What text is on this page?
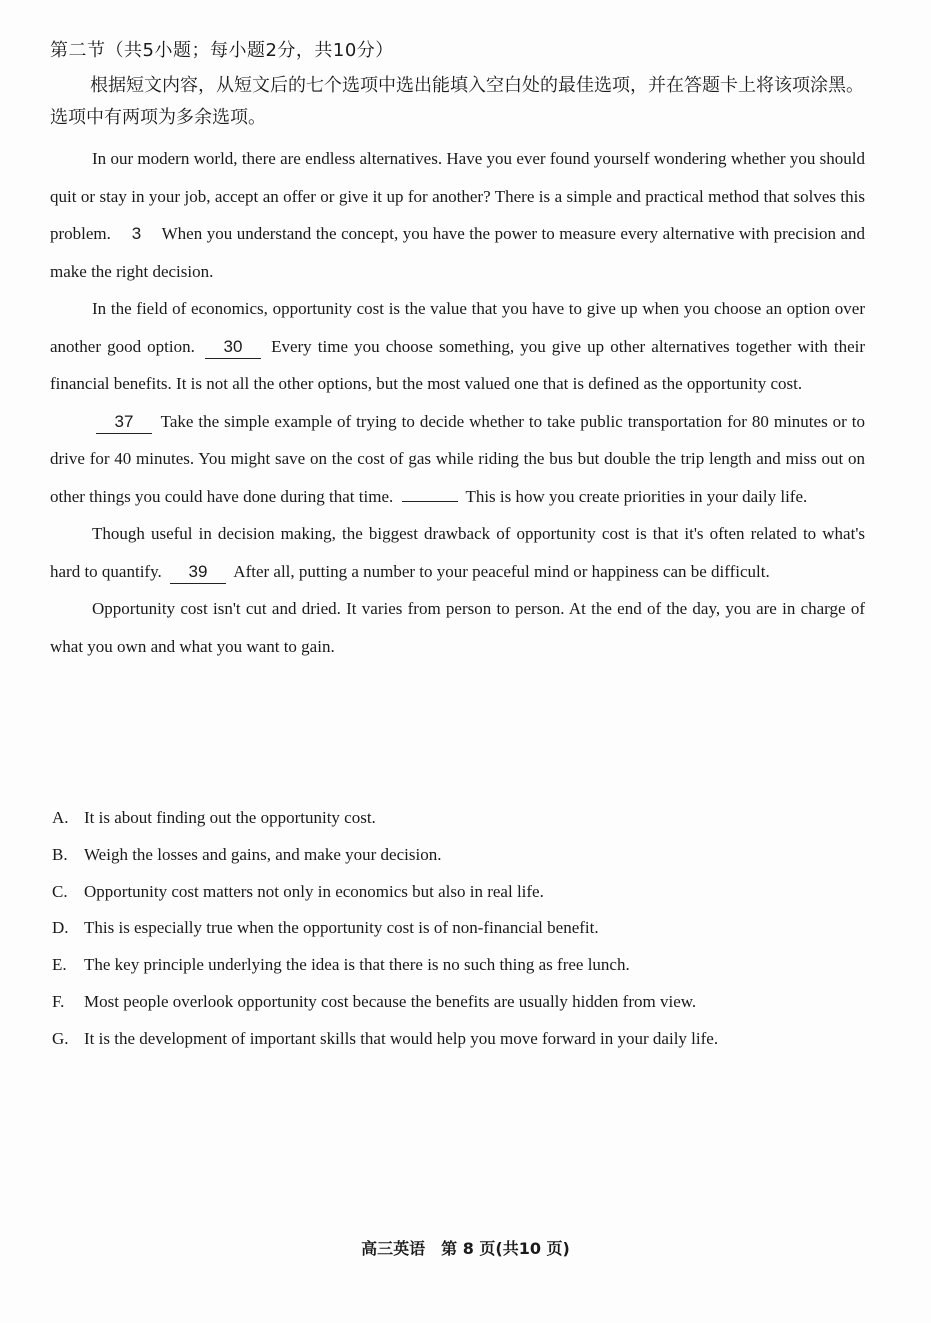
第二节（共5小题；每小题2分，共10分）
根据短文内容，从短文后的七个选项中选出能填入空白处的最佳选项，并在答题卡上将该项涂黑。选项中有两项为多余选项。

In our modern world, there are endless alternatives. Have you ever found yourself wondering whether you should quit or stay in your job, accept an offer or give it up for another? There is a simple and practical method that solves this problem. 3 When you understand the concept, you have the power to measure every alternative with precision and make the right decision.

In the field of economics, opportunity cost is the value that you have to give up when you choose an option over another good option. 30 Every time you choose something, you give up other alternatives together with their financial benefits. It is not all the other options, but the most valued one that is defined as the opportunity cost.

37 Take the simple example of trying to decide whether to take public transportation for 80 minutes or to drive for 40 minutes. You might save on the cost of gas while riding the bus but double the trip length and miss out on other things you could have done during that time.	This is how you create priorities in your daily life.

Though useful in decision making, the biggest drawback of opportunity cost is that it's often related to what's hard to quantify. 39 After all, putting a number to your peaceful mind or happiness can be difficult.

Opportunity cost isn't cut and dried. It varies from person to person. At the end of the day, you are in charge of what you own and what you want to gain.

A. It is about finding out the opportunity cost.
B. Weigh the losses and gains, and make your decision.
C. Opportunity cost matters not only in economics but also in real life.
D. This is especially true when the opportunity cost is of non-financial benefit.
E.	The key principle underlying the idea is that there is no such thing as free lunch.
F.	Most people overlook opportunity cost because the benefits are usually hidden from view.
G. It is the development of important skills that would help you move forward in your daily life.
高三英语　第 8 页(共10 页)
